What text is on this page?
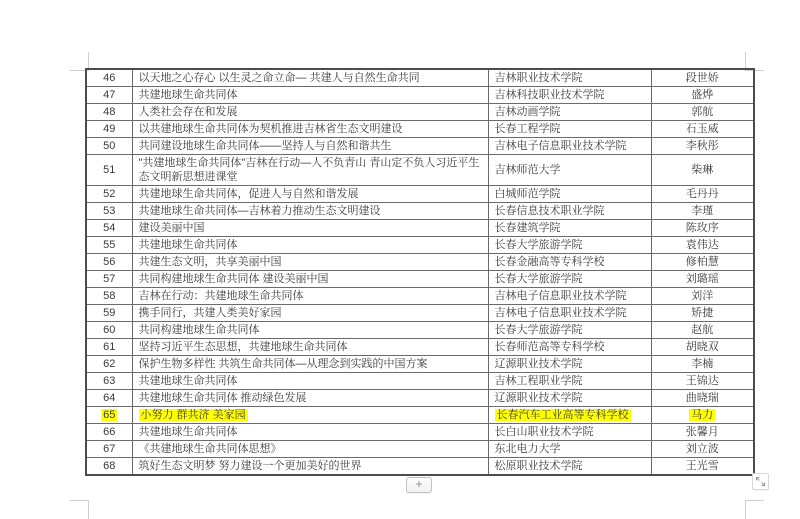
46	以天地之心存心 以生灵之命立命— 共建人与自然生命共同	吉林职业技术学院	段世娇
47	共建地球生命共同体	吉林科技职业技术学院	盛烨
48	人类社会存在和发展	吉林动画学院	郭航
49	以共建地球生命共同体为契机推进吉林省生态文明建设	长春工程学院	石玉威
50	共同建设地球生命共同体——坚持人与自然和谐共生	吉林电子信息职业技术学院	李秋彤
51	"共建地球生命共同体"吉林在行动—人不负青山 青山定不负人习近平生态文明新思想进课堂	吉林师范大学	柴琳
52	共建地球生命共同体，促进人与自然和谐发展	白城师范学院	毛丹丹
53	共建地球生命共同体—吉林着力推动生态文明建设	长春信息技术职业学院	李瑾
54	建设美丽中国	长春建筑学院	陈玫序
55	共建地球生命共同体	长春大学旅游学院	袁伟达
56	共建生态文明，共享美丽中国	长春金融高等专科学校	修柏慧
57	共同构建地球生命共同体 建设美丽中国	长春大学旅游学院	刘璐瑶
58	吉林在行动：共建地球生命共同体	吉林电子信息职业技术学院	刘洋
59	携手同行，共建人类美好家园	吉林电子信息职业技术学院	矫捷
60	共同构建地球生命共同体	长春大学旅游学院	赵航
61	坚持习近平生态思想，共建地球生命共同体	长春师范高等专科学校	胡晓双
62	保护生物多样性 共筑生命共同体—从理念到实践的中国方案	辽源职业技术学院	李楠
63	共建地球生命共同体	吉林工程职业学院	王锦达
64	共建地球生命共同体 推动绿色发展	辽源职业技术学院	曲晓瑞
65	小努力 群共济 美家园	长春汽车工业高等专科学校	马力
66	共建地球生命共同体	长白山职业技术学院	张馨月
67	《共建地球生命共同体思想》	东北电力大学	刘立波
68	筑好生态文明梦 努力建设一个更加美好的世界	松原职业技术学院	王光雪
+
